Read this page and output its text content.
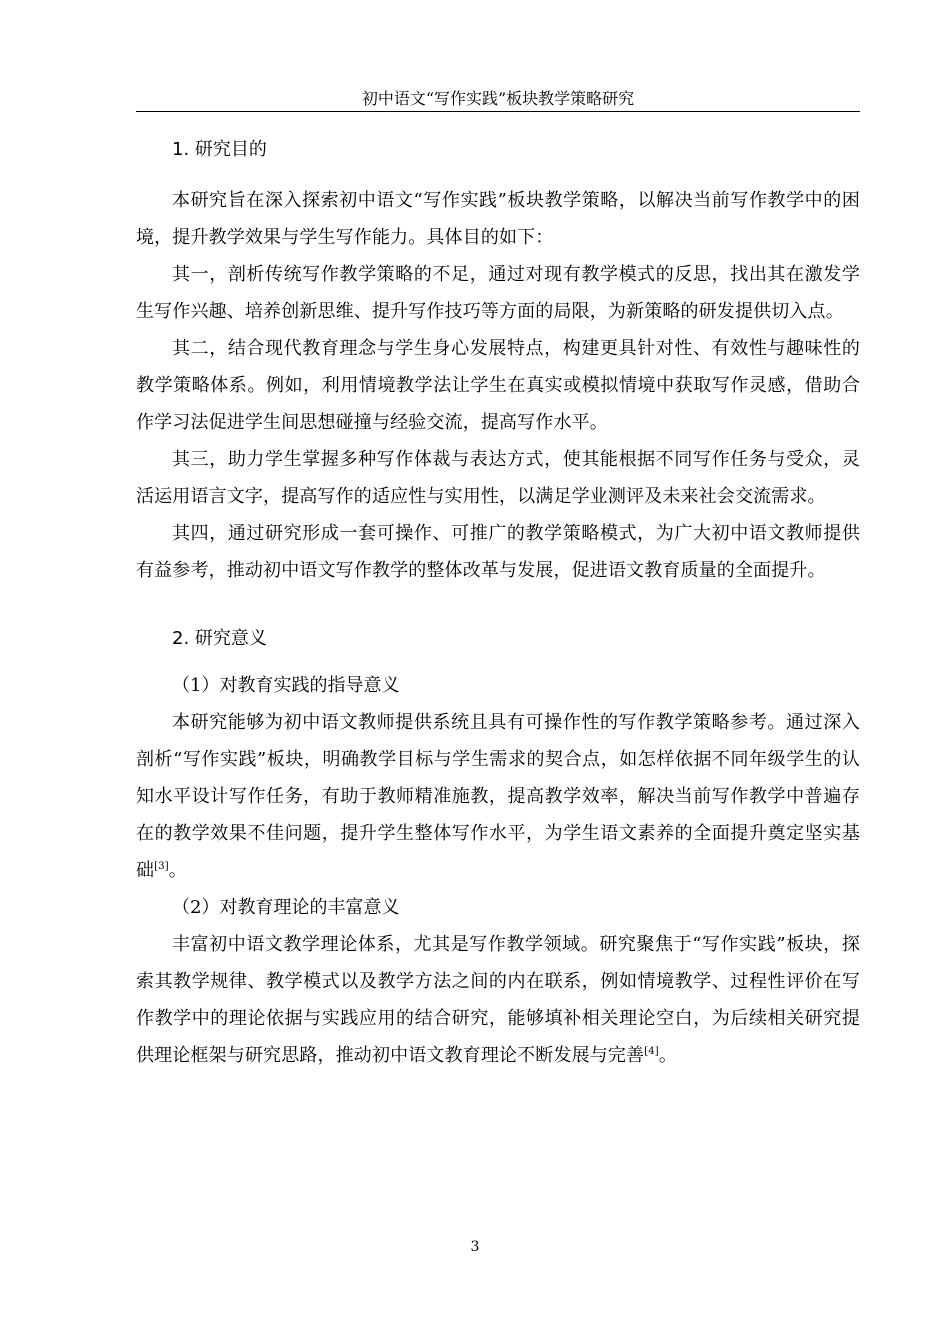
初中语文“写作实践”板块教学策略研究
1. 研究目的

本研究旨在深入探索初中语文“写作实践”板块教学策略，以解决当前写作教学中的困境，提升教学效果与学生写作能力。具体目的如下：

其一，剖析传统写作教学策略的不足，通过对现有教学模式的反思，找出其在激发学生写作兴趣、培养创新思维、提升写作技巧等方面的局限，为新策略的研发提供切入点。

其二，结合现代教育理念与学生身心发展特点，构建更具针对性、有效性与趣味性的教学策略体系。例如，利用情境教学法让学生在真实或模拟情境中获取写作灵感，借助合作学习法促进学生间思想碰撞与经验交流，提高写作水平。

其三，助力学生掌握多种写作体裁与表达方式，使其能根据不同写作任务与受众，灵活运用语言文字，提高写作的适应性与实用性，以满足学业测评及未来社会交流需求。

其四，通过研究形成一套可操作、可推广的教学策略模式，为广大初中语文教师提供有益参考，推动初中语文写作教学的整体改革与发展，促进语文教育质量的全面提升。

2. 研究意义

（1）对教育实践的指导意义

本研究能够为初中语文教师提供系统且具有可操作性的写作教学策略参考。通过深入剖析“写作实践”板块，明确教学目标与学生需求的契合点，如怎样依据不同年级学生的认知水平设计写作任务，有助于教师精准施教，提高教学效率，解决当前写作教学中普遍存在的教学效果不佳问题，提升学生整体写作水平，为学生语文素养的全面提升奠定坚实基础[3]。

（2）对教育理论的丰富意义

丰富初中语文教学理论体系，尤其是写作教学领域。研究聚焦于“写作实践”板块，探索其教学规律、教学模式以及教学方法之间的内在联系，例如情境教学、过程性评价在写作教学中的理论依据与实践应用的结合研究，能够填补相关理论空白，为后续相关研究提供理论框架与研究思路，推动初中语文教育理论不断发展与完善[4]。

3
